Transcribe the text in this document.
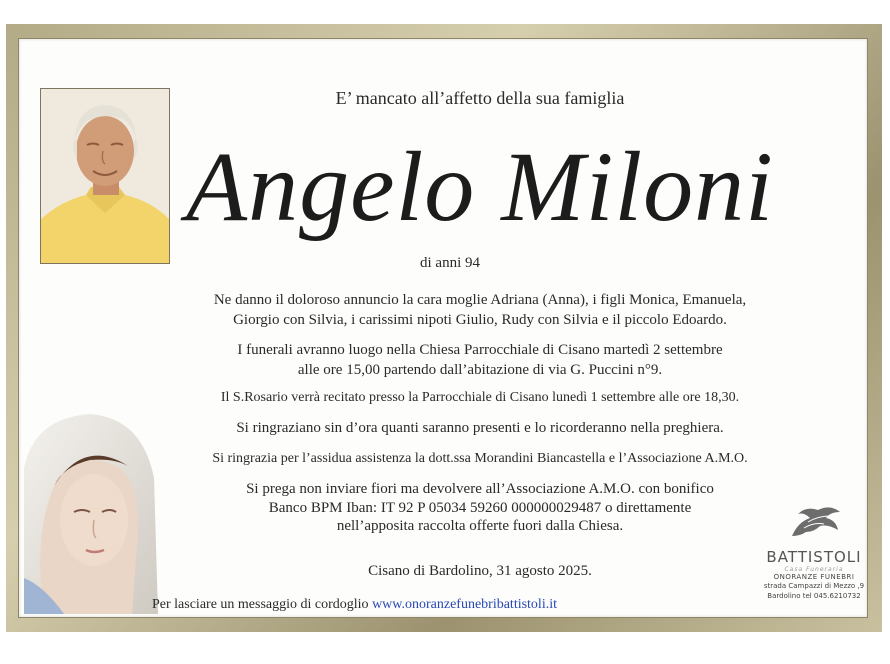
E’ mancato all’affetto della sua famiglia
Angelo Miloni
di anni 94
Ne danno il doloroso annuncio la cara moglie Adriana (Anna), i figli Monica, Emanuela,
Giorgio con Silvia, i carissimi nipoti Giulio, Rudy con Silvia e il piccolo Edoardo.
I funerali avranno luogo nella Chiesa Parrocchiale di Cisano martedì 2 settembre
alle ore 15,00 partendo dall’abitazione di via G. Puccini n°9.
Il S.Rosario verrà recitato presso la Parrocchiale di Cisano lunedì 1 settembre alle ore 18,30.
Si ringraziano sin d’ora quanti saranno presenti e lo ricorderanno nella preghiera.
Si ringrazia per l’assidua assistenza la dott.ssa Morandini Biancastella e l’Associazione A.M.O.
Si prega non inviare fiori ma devolvere all’Associazione A.M.O. con bonifico
Banco BPM Iban: IT 92 P 05034 59260 000000029487 o direttamente
nell’apposita raccolta offerte fuori dalla Chiesa.
Cisano di Bardolino, 31 agosto 2025.
Per lasciare un messaggio di cordoglio www.onoranzefunebribattistoli.it
BATTISTOLI
Casa Funeraria
ONORANZE FUNEBRI
strada Campazzi di Mezzo ,9
Bardolino tel 045.6210732
